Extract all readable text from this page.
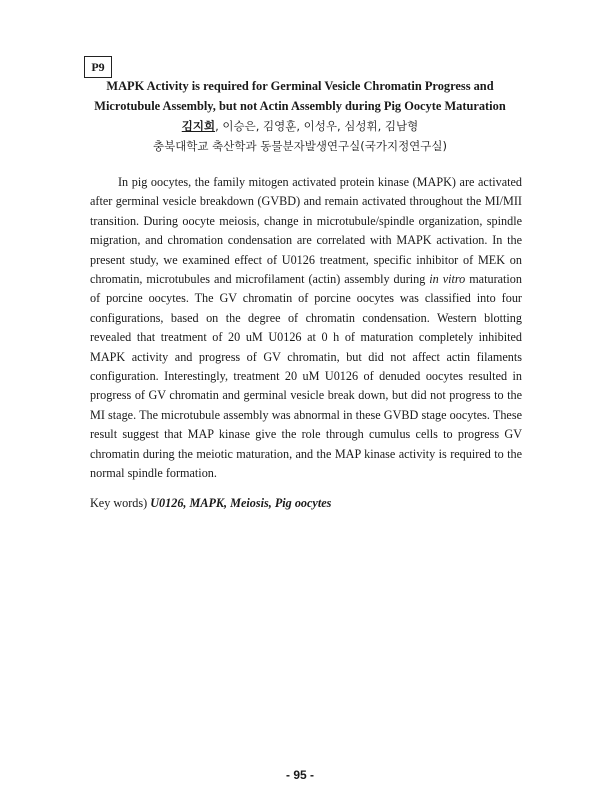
P9
MAPK Activity is required for Germinal Vesicle Chromatin Progress and
Microtubule Assembly, but not Actin Assembly during Pig Oocyte Maturation
김지희, 이승은, 김영훈, 이성우, 심성휘, 김남형
충북대학교 축산학과 동물분자발생연구실(국가지정연구실)

In pig oocytes, the family mitogen activated protein kinase (MAPK) are activated after germinal vesicle breakdown (GVBD) and remain activated throughout the MI/MII transition. During oocyte meiosis, change in microtubule/spindle organization, spindle migration, and chromation condensation are correlated with MAPK activation. In the present study, we examined effect of U0126 treatment, specific inhibitor of MEK on chromatin, microtubules and microfilament (actin) assembly during in vitro maturation of porcine oocytes. The GV chromatin of porcine oocytes was classified into four configurations, based on the degree of chromatin condensation. Western blotting revealed that treatment of 20 uM U0126 at 0 h of maturation completely inhibited MAPK activity and progress of GV chromatin, but did not affect actin filaments configuration. Interestingly, treatment 20 uM U0126 of denuded oocytes resulted in progress of GV chromatin and germinal vesicle break down, but did not progress to the MI stage. The microtubule assembly was abnormal in these GVBD stage oocytes. These result suggest that MAP kinase give the role through cumulus cells to progress GV chromatin during the meiotic maturation, and the MAP kinase activity is required to the normal spindle formation.

Key words) U0126, MAPK, Meiosis, Pig oocytes
- 95 -
